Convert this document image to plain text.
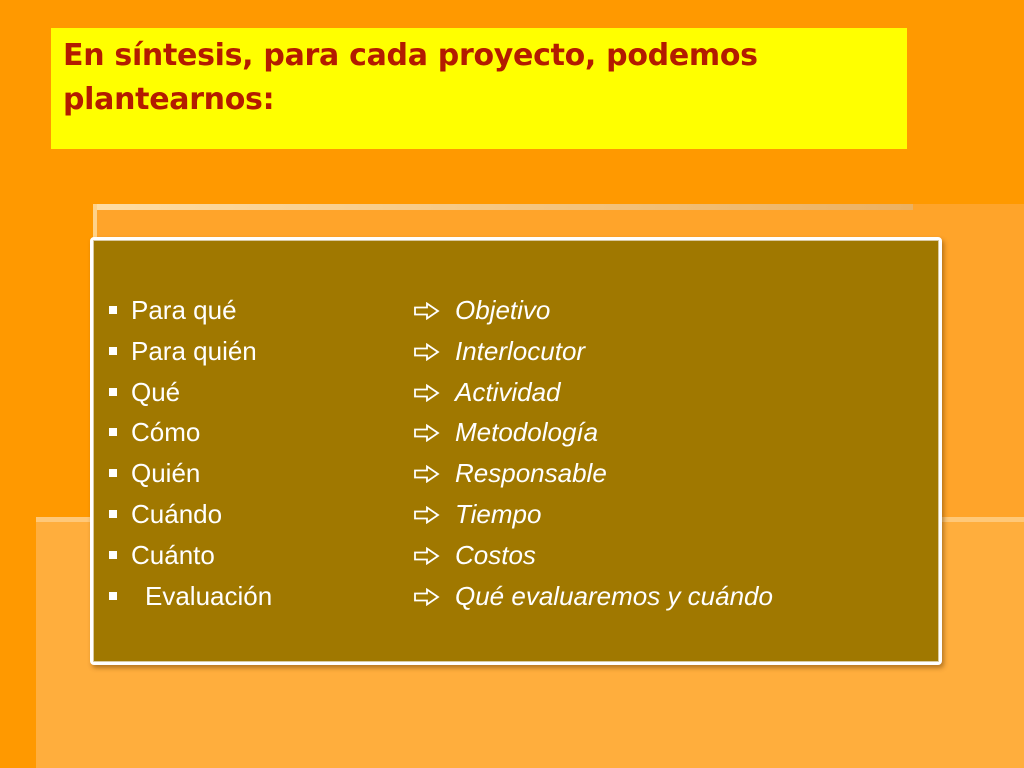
En síntesis, para cada proyecto, podemos plantearnos:
Para qué	Objetivo
Para quién	Interlocutor
Qué	Actividad
Cómo	Metodología
Quién	Responsable
Cuándo	Tiempo
Cuánto	Costos
Evaluación	Qué evaluaremos y cuándo
